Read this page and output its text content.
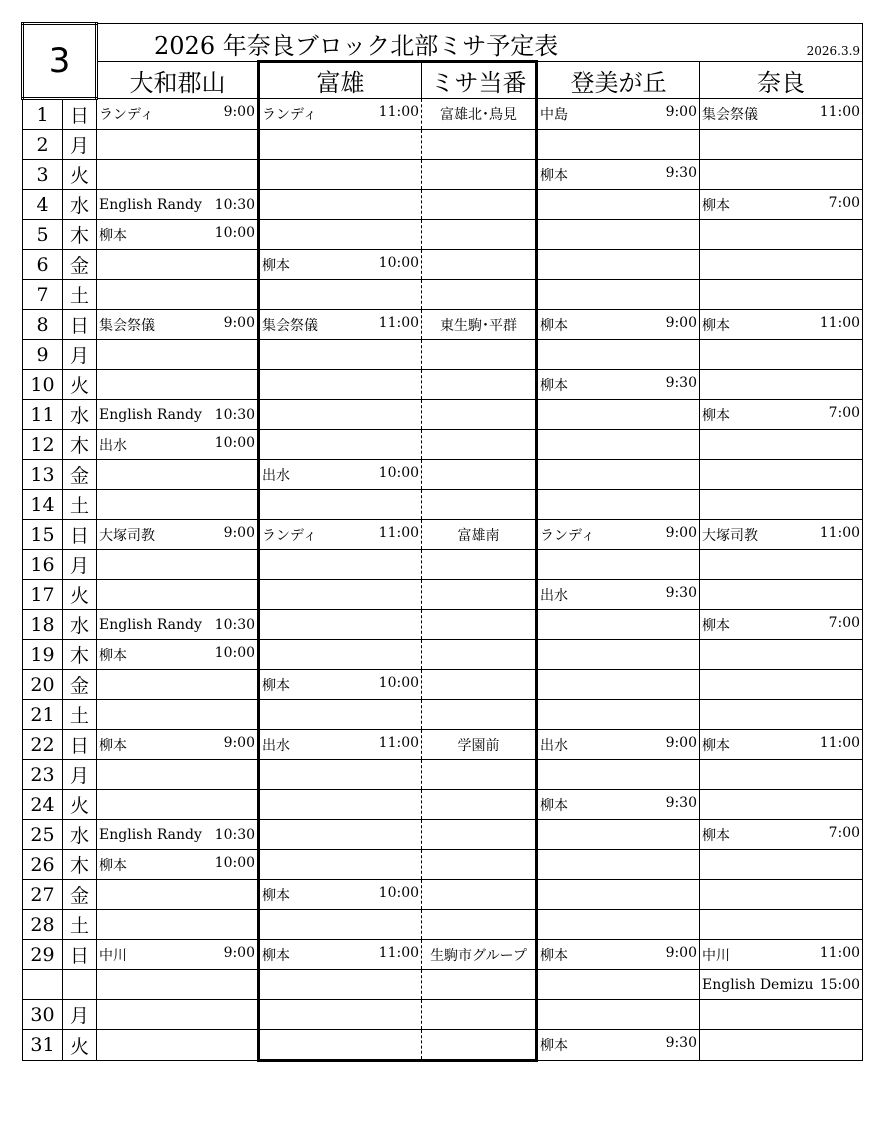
3		2026 年奈良ブロック北部ミサ予定表 2026.3.9				

		大和郡山	富雄	ミサ当番	登美が丘	奈良
1	日	ランディ 9:00	ランディ 11:00	富雄北･鳥見	中島 9:00	集会祭儀 11:00

2	月					
3	火				柳本 9:30	

4	水	English Randy 10:30				柳本 7:00

5	木	柳本 10:00				

6	金		柳本 10:00			

7	土					
8	日	集会祭儀 9:00	集会祭儀 11:00	東生駒･平群	柳本 9:00	柳本 11:00

9	月					
10	火				柳本 9:30	

11	水	English Randy 10:30				柳本 7:00

12	木	出水 10:00				

13	金		出水 10:00			

14	土					
15	日	大塚司教 9:00	ランディ 11:00	富雄南	ランディ 9:00	大塚司教 11:00

16	月					
17	火				出水 9:30	

18	水	English Randy 10:30				柳本 7:00

19	木	柳本 10:00				

20	金		柳本 10:00			

21	土					
22	日	柳本 9:00	出水 11:00	学園前	出水 9:00	柳本 11:00

23	月					
24	火				柳本 9:30	

25	水	English Randy 10:30				柳本 7:00

26	木	柳本 10:00				

27	金		柳本 10:00			

28	土					
29	日	中川 9:00	柳本 11:00	生駒市グループ	柳本 9:00	中川 11:00

						English Demizu 15:00

30	月					
31	火				柳本 9:30	
